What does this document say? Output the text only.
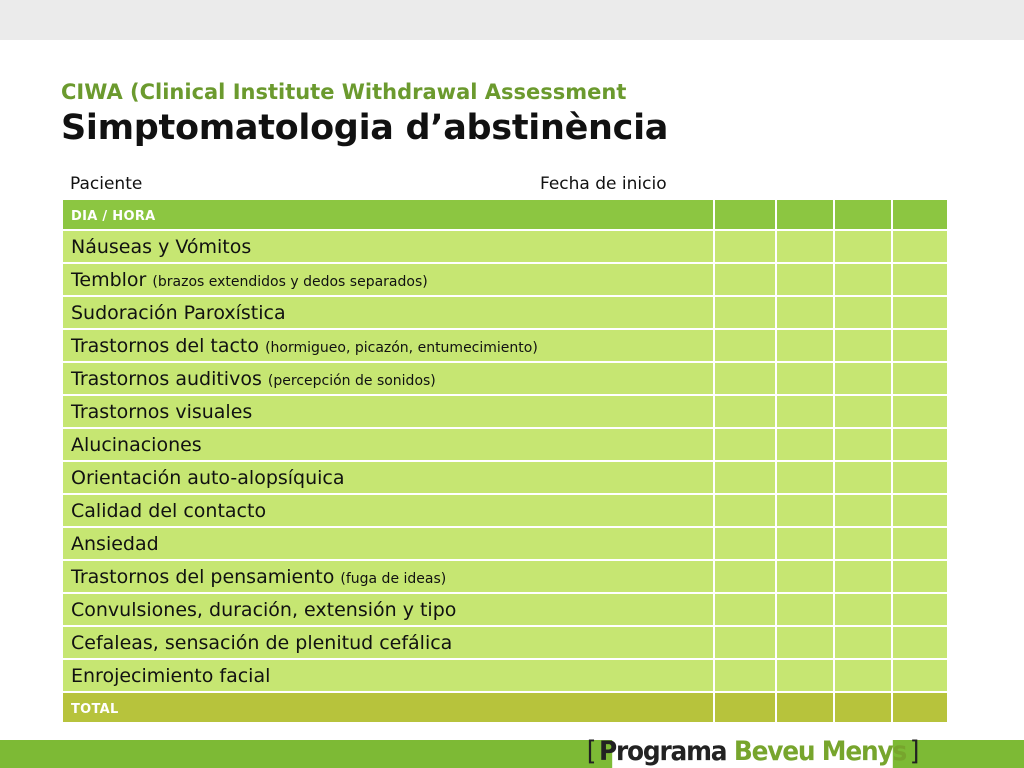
CIWA (Clinical Institute Withdrawal Assessment
Simptomatologia d’abstinència
Paciente	Fecha de inicio
DIA / HORA				
Náuseas y Vómitos				
Temblor (brazos extendidos y dedos separados)				
Sudoración Paroxística				
Trastornos del tacto (hormigueo, picazón, entumecimiento)				
Trastornos auditivos (percepción de sonidos)				
Trastornos visuales				
Alucinaciones				
Orientación auto-alopsíquica				
Calidad del contacto				
Ansiedad				
Trastornos del pensamiento (fuga de ideas)				
Convulsiones, duración, extensión y tipo				
Cefaleas, sensación de plenitud cefálica				
Enrojecimiento facial				
TOTAL				
[ Programa
Beveu Menys ]
